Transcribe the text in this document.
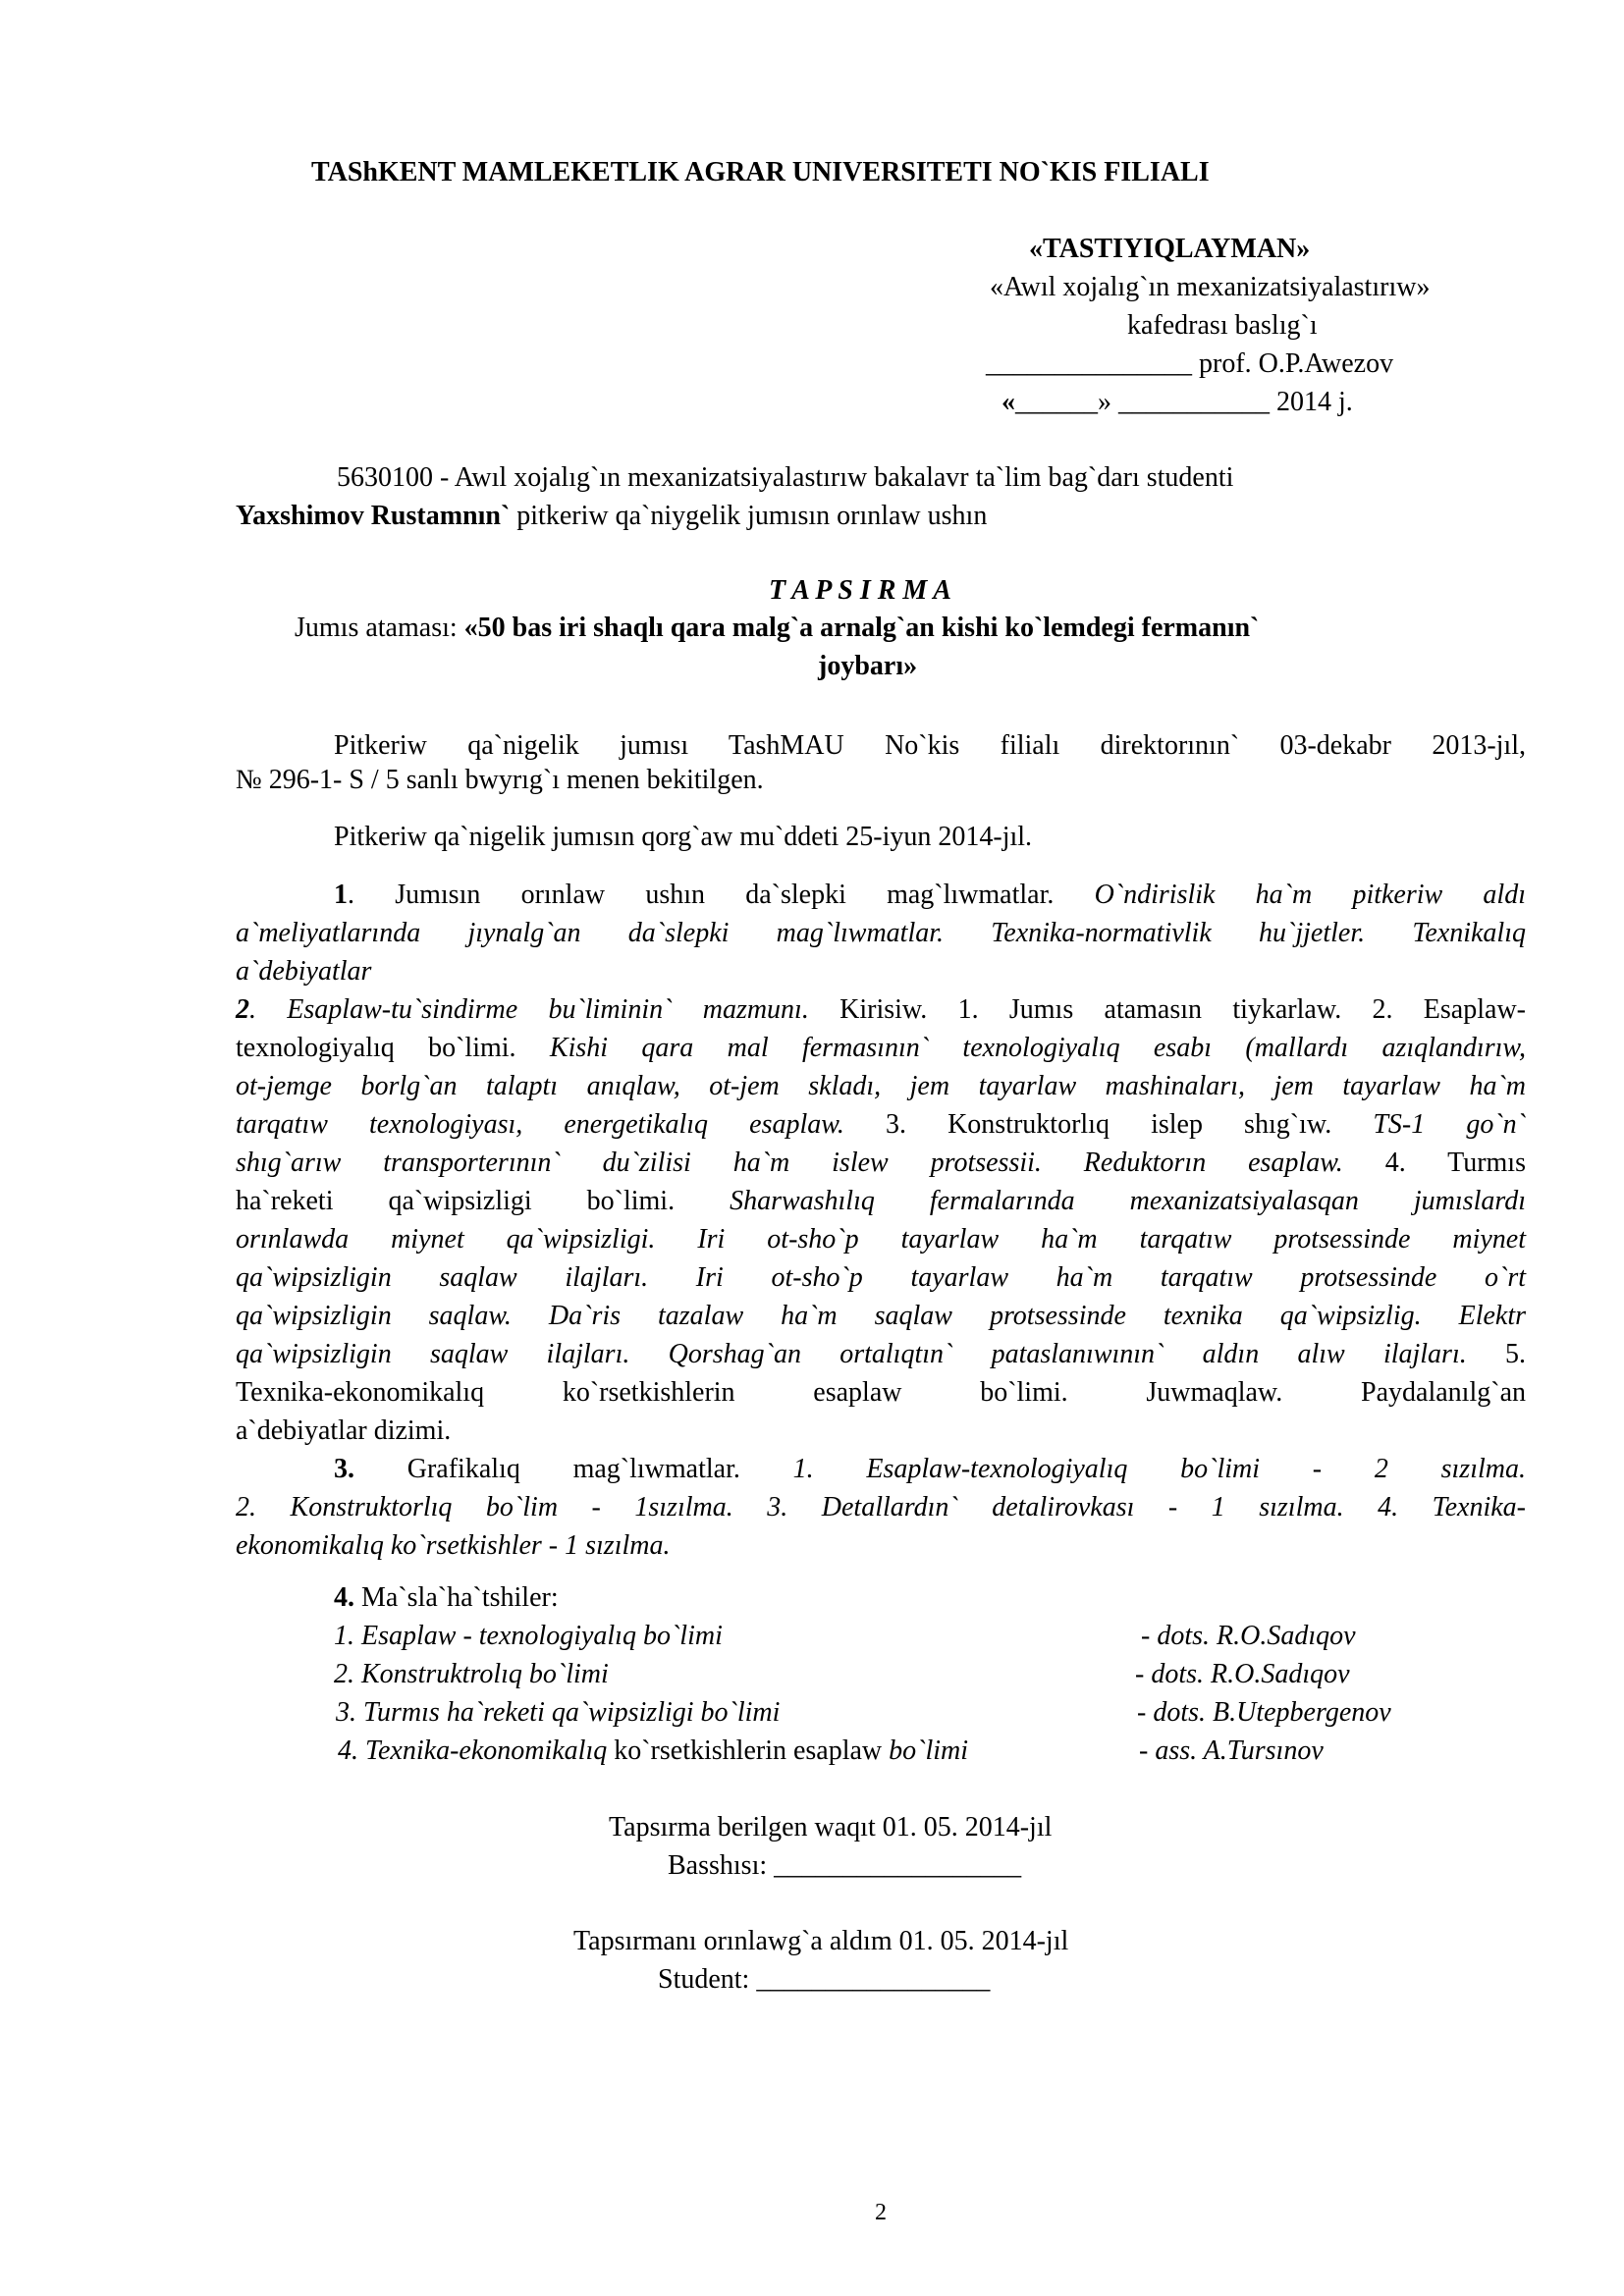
TAShKENT MAMLEKETLIK AGRAR UNIVERSITETI NO`KIS FILIALI
«TASTIYIQLAYMAN»
«Awıl xojalıg`ın mexanizatsiyalastırıw»
kafedrası baslıg`ı
_______________ prof. O.P.Awezov
«______» ___________ 2014 j.
5630100 - Awıl xojalıg`ın mexanizatsiyalastırıw bakalavr ta`lim bag`darı studenti
Yaxshimov Rustamnın` pitkeriw qa`niygelik jumısın orınlaw ushın
T A P S I R M A
Jumıs ataması: «50 bas iri shaqlı qara malg`a arnalg`an kishi ko`lemdegi fermanın`
joybarı»
Pitkeriw qa`nigelik jumısı TashMAU No`kis filialı direktorının` 03-dekabr 2013-jıl,
№ 296-1- S / 5 sanlı bwyrıg`ı menen bekitilgen.
Pitkeriw qa`nigelik jumısın qorg`aw mu`ddeti 25-iyun 2014-jıl.
1. Jumısın orınlaw ushın da`slepki mag`lıwmatlar. O`ndirislik ha`m pitkeriw aldı
a`meliyatlarında jıynalg`an da`slepki mag`lıwmatlar. Texnika-normativlik hu`jjetler. Texnikalıq
a`debiyatlar
2. Esaplaw-tu`sindirme bu`liminin` mazmunı. Kirisiw. 1. Jumıs atamasın tiykarlaw. 2. Esaplaw-
texnologiyalıq bo`limi. Kishi qara mal fermasının` texnologiyalıq esabı (mallardı azıqlandırıw,
ot-jemge borlg`an talaptı anıqlaw, ot-jem skladı, jem tayarlaw mashinaları, jem tayarlaw ha`m
tarqatıw texnologiyası, energetikalıq esaplaw. 3. Konstruktorlıq islep shıg`ıw. TS-1 go`n`
shıg`arıw transporterının` du`zilisi ha`m islew protsessii. Reduktorın esaplaw. 4. Turmıs
ha`reketi qa`wipsizligi bo`limi. Sharwashılıq fermalarında mexanizatsiyalasqan jumıslardı
orınlawda miynet qa`wipsizligi. Iri ot-sho`p tayarlaw ha`m tarqatıw protsessinde miynet
qa`wipsizligin saqlaw ilajları. Iri ot-sho`p tayarlaw ha`m tarqatıw protsessinde o`rt
qa`wipsizligin saqlaw. Da`ris tazalaw ha`m saqlaw protsessinde texnika qa`wipsizlig. Elektr
qa`wipsizligin saqlaw ilajları. Qorshag`an ortalıqtın` pataslanıwının` aldın alıw ilajları. 5.
Texnika-ekonomikalıq ko`rsetkishlerin esaplaw bo`limi. Juwmaqlaw. Paydalanılg`an
a`debiyatlar dizimi.
3. Grafikalıq mag`lıwmatlar. 1. Esaplaw-texnologiyalıq bo`limi - 2 sızılma.
2. Konstruktorlıq bo`lim - 1sızılma. 3. Detallardın` detalirovkası - 1 sızılma. 4. Texnika-
ekonomikalıq ko`rsetkishler - 1 sızılma.
4. Ma`sla`ha`tshiler:
1. Esaplaw - texnologiyalıq bo`limi	- dots. R.O.Sadıqov
2. Konstruktrolıq bo`limi	- dots. R.O.Sadıqov
3. Turmıs ha`reketi qa`wipsizligi bo`limi	- dots. B.Utepbergenov
4. Texnika-ekonomikalıq ko`rsetkishlerin esaplaw bo`limi	- ass. A.Tursınov
Tapsırma berilgen waqıt 01. 05. 2014-jıl
Basshısı: __________________
Tapsırmanı orınlawg`a aldım 01. 05. 2014-jıl
Student: _________________
2
